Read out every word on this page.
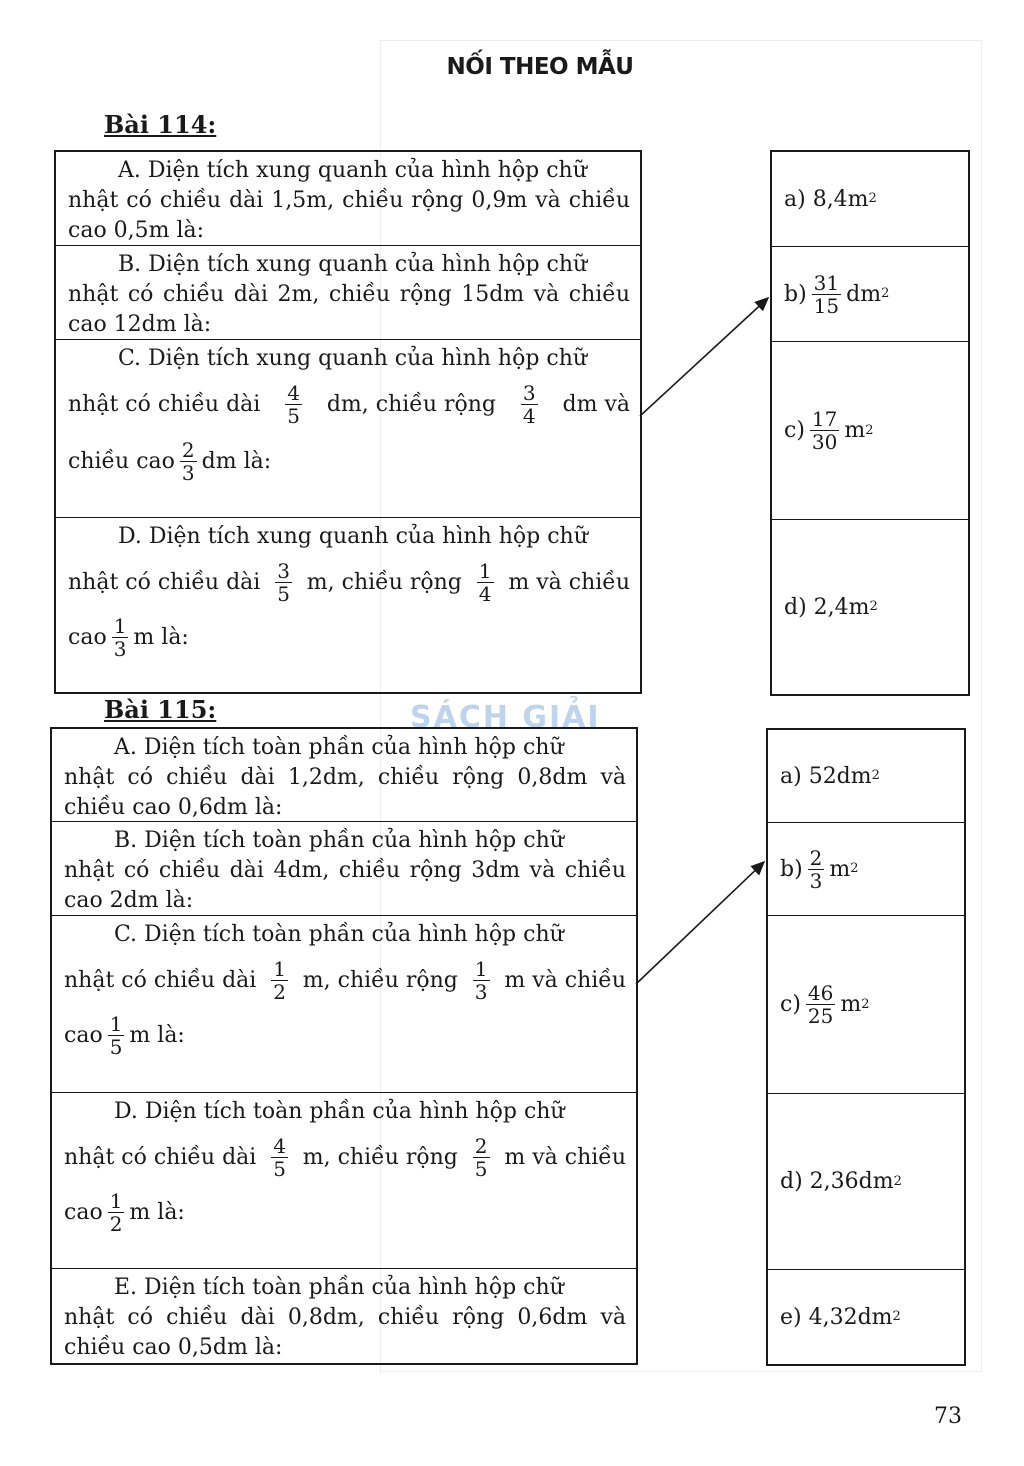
NỐI THEO MẪU
SÁCH GIẢI
Bài 114:
A. Diện tích xung quanh của hình hộp chữ
nhật có chiều dài 1,5m, chiều rộng 0,9m và chiều cao 0,5m là:
B. Diện tích xung quanh của hình hộp chữ
nhật có chiều dài 2m, chiều rộng 15dm và chiều cao 12dm là:
C. Diện tích xung quanh của hình hộp chữ
nhật có chiều dài $\frac{4}{5}$ dm, chiều rộng $\frac{3}{4}$ dm và
chiều cao $\frac{2}{3}$ dm là:
D. Diện tích xung quanh của hình hộp chữ
nhật có chiều dài $\frac{3}{5} m$, chiều rộng $\frac{1}{4}$ m và chiều
cao $\frac{1}{3}$ m là:
a) 8,4m 2
$b) \frac{31}{15}$ dm 2
$c) \frac{17}{30}$ m 2
d) 2,4m 2
Bài 115:
A. Diện tích toàn phần của hình hộp chữ
nhật có chiều dài 1,2dm, chiều rộng 0,8dm và chiều cao 0,6dm là:
B. Diện tích toàn phần của hình hộp chữ
nhật có chiều dài 4dm, chiều rộng 3dm và chiều cao 2dm là:
C. Diện tích toàn phần của hình hộp chữ
nhật có chiều dài $\frac{1}{2} m$, chiều rộng $\frac{1}{3}$ m và chiều
cao $\frac{1}{5}$ m là:
D. Diện tích toàn phần của hình hộp chữ
nhật có chiều dài $\frac{4}{5} m$, chiều rộng $\frac{2}{5}$ m và chiều
cao $\frac{1}{2}$ m là:
E. Diện tích toàn phần của hình hộp chữ
nhật có chiều dài 0,8dm, chiều rộng 0,6dm và chiều cao 0,5dm là:
a) 52dm 2
$b) \frac{2}{3}$ m 2
$c) \frac{46}{25}$ m 2
d) 2,36dm 2
e) 4,32dm 2
73
